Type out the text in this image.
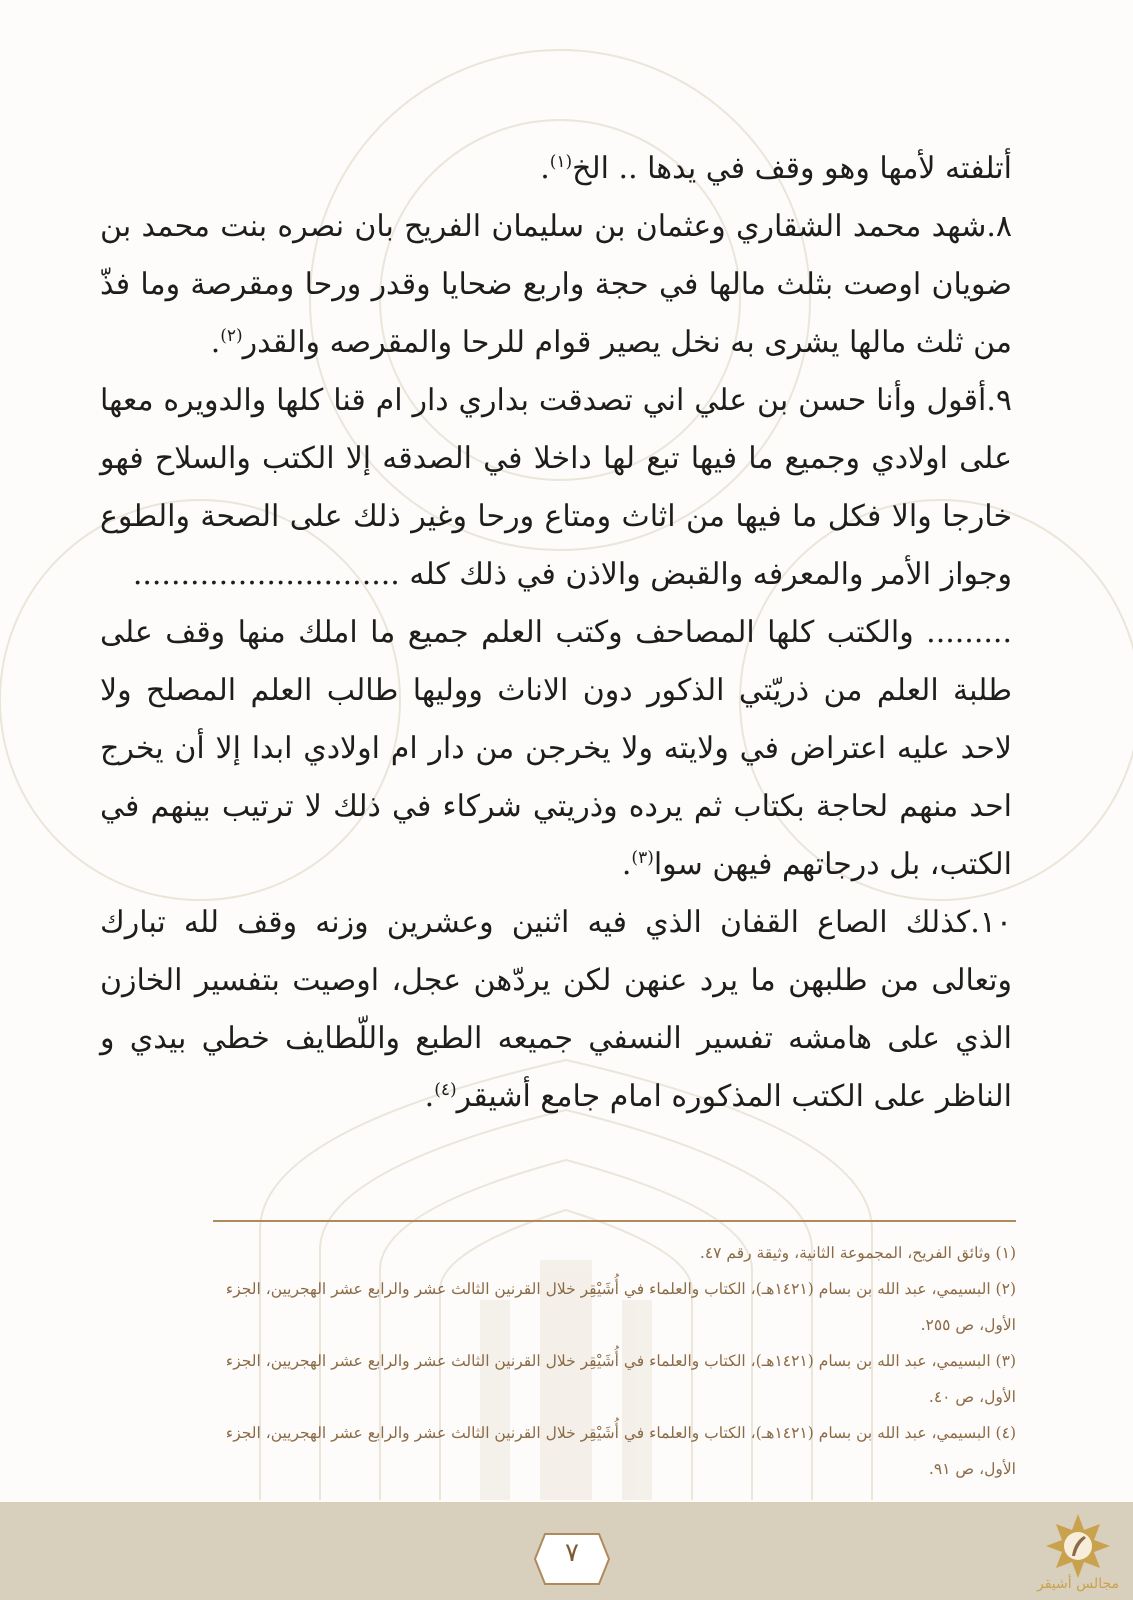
أتلفته لأمها وهو وقف في يدها .. الخ$^{(١)}$.

٨.شهد محمد الشقاري وعثمان بن سليمان الفريح بان نصره بنت محمد بن ضويان اوصت بثلث مالها في حجة واربع ضحايا وقدر ورحا ومقرصة وما فذّ من ثلث مالها يشرى به نخل يصير قوام للرحا والمقرصه والقدر$^{(٢)}$.

٩.أقول وأنا حسن بن علي اني تصدقت بداري دار ام قنا كلها والدويره معها على اولادي وجميع ما فيها تبع لها داخلا في الصدقه إلا الكتب والسلاح فهو خارجا والا فكل ما فيها من اثاث ومتاع ورحا وغير ذلك على الصحة والطوع وجواز الأمر والمعرفه والقبض والاذن في ذلك كله ............................

......... والكتب كلها المصاحف وكتب العلم جميع ما املك منها وقف على طلبة العلم من ذريّتي الذكور دون الاناث ووليها طالب العلم المصلح ولا لاحد عليه اعتراض في ولايته ولا يخرجن من دار ام اولادي ابدا إلا أن يخرج احد منهم لحاجة بكتاب ثم يرده وذريتي شركاء في ذلك لا ترتيب بينهم في الكتب، بل درجاتهم فيهن سوا$^{(٣)}$.

١٠.كذلك الصاع القفان الذي فيه اثنين وعشرين وزنه وقف لله تبارك وتعالى من طلبهن ما يرد عنهن لكن يردّهن عجل، اوصيت بتفسير الخازن الذي على هامشه تفسير النسفي جميعه الطبع واللّطايف خطي بيدي و الناظر على الكتب المذكوره امام جامع أشيقر$^{(٤)}$.

(١) وثائق الفريح، المجموعة الثانية، وثيقة رقم ٤٧.

(٢) البسيمي، عبد الله بن بسام (١٤٢١هـ)، الكتاب والعلماء في أُشَيْقِر خلال القرنين الثالث عشر والرابع عشر الهجريين، الجزء الأول، ص ٢٥٥.

(٣) البسيمي، عبد الله بن بسام (١٤٢١هـ)، الكتاب والعلماء في أُشَيْقِر خلال القرنين الثالث عشر والرابع عشر الهجريين، الجزء الأول، ص ٤٠.

(٤) البسيمي، عبد الله بن بسام (١٤٢١هـ)، الكتاب والعلماء في أُشَيْقِر خلال القرنين الثالث عشر والرابع عشر الهجريين، الجزء الأول، ص ٩١.

٧
مجالس أشيقر
